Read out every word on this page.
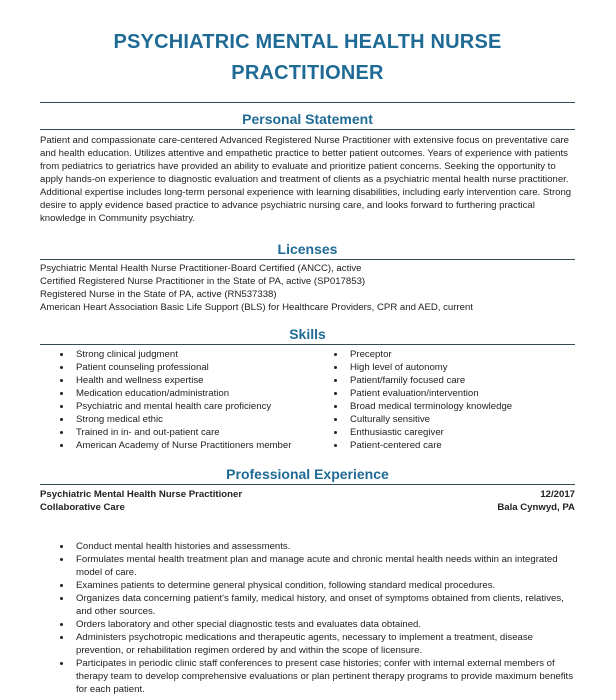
PSYCHIATRIC MENTAL HEALTH NURSE PRACTITIONER
Personal Statement
Patient and compassionate care-centered Advanced Registered Nurse Practitioner with extensive focus on preventative care and health education. Utilizes attentive and empathetic practice to better patient outcomes. Years of experience with patients from pediatrics to geriatrics have provided an ability to evaluate and prioritize patient concerns. Seeking the opportunity to apply hands-on experience to diagnostic evaluation and treatment of clients as a psychiatric mental health nurse practitioner. Additional expertise includes long-term personal experience with learning disabilities, including early intervention care. Strong desire to apply evidence based practice to advance psychiatric nursing care, and looks forward to furthering practical knowledge in Community psychiatry.
Licenses
Psychiatric Mental Health Nurse Practitioner-Board Certified (ANCC), active
Certified Registered Nurse Practitioner in the State of PA, active (SP017853)
Registered Nurse in the State of PA, active (RN537338)
American Heart Association Basic Life Support (BLS) for Healthcare Providers, CPR and AED, current
Skills
• Strong clinical judgment
• Patient counseling professional
• Health and wellness expertise
• Medication education/administration
• Psychiatric and mental health care proficiency
• Strong medical ethic
• Trained in in- and out-patient care
• American Academy of Nurse Practitioners member
• Preceptor
• High level of autonomy
• Patient/family focused care
• Patient evaluation/intervention
• Broad medical terminology knowledge
• Culturally sensitive
• Enthusiastic caregiver
• Patient-centered care
Professional Experience
Psychiatric Mental Health Nurse Practitioner
Collaborative Care
12/2017
Bala Cynwyd, PA
• Conduct mental health histories and assessments.
• Formulates mental health treatment plan and manage acute and chronic mental health needs within an integrated model of care.
• Examines patients to determine general physical condition, following standard medical procedures.
• Organizes data concerning patient's family, medical history, and onset of symptoms obtained from clients, relatives, and other sources.
• Orders laboratory and other special diagnostic tests and evaluates data obtained.
• Administers psychotropic medications and therapeutic agents, necessary to implement a treatment, disease prevention, or rehabilitation regimen ordered by and within the scope of licensure.
• Participates in periodic clinic staff conferences to present case histories; confer with internal external members of therapy team to develop comprehensive evaluations or plan pertinent therapy programs to provide maximum benefits for each patient.
